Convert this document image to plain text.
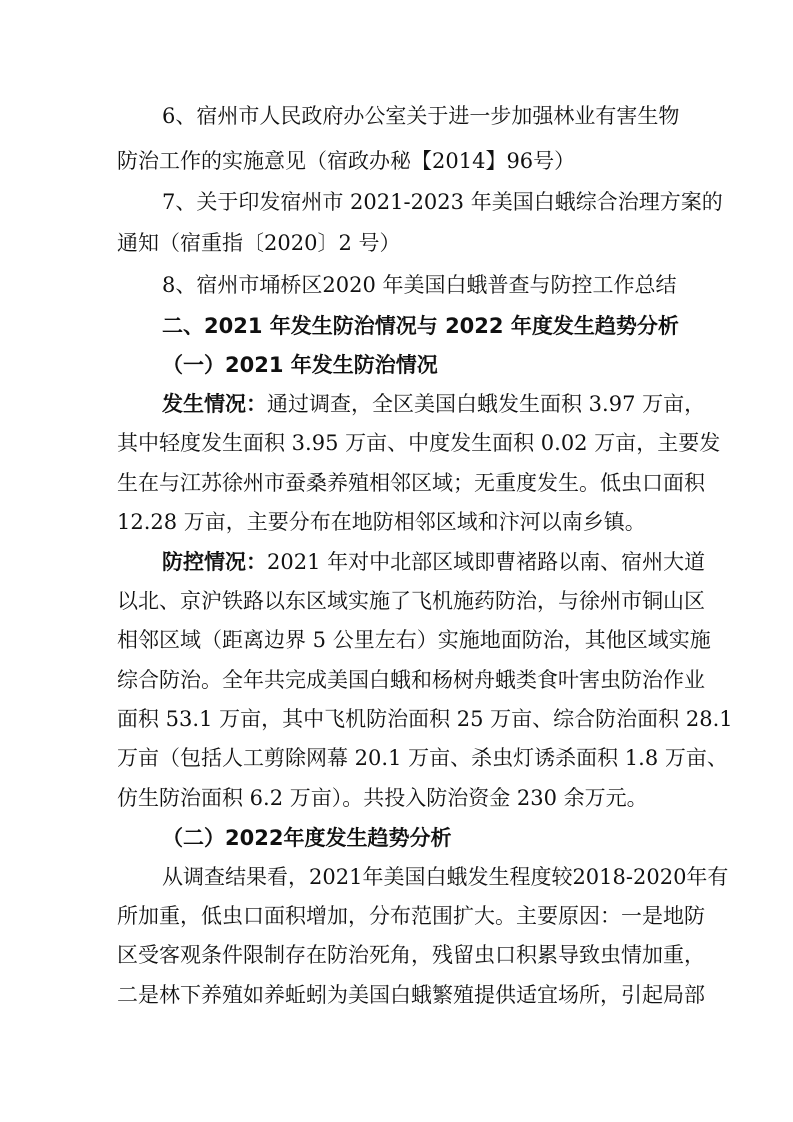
6、宿州市人民政府办公室关于进一步加强林业有害生物
防治工作的实施意见（宿政办秘【2014】96号）
7、关于印发宿州市 2021-2023 年美国白蛾综合治理方案的
通知（宿重指〔2020〕2 号）
8、宿州市埇桥区2020 年美国白蛾普查与防控工作总结
二、2021 年发生防治情况与 2022 年度发生趋势分析
（一）2021 年发生防治情况
发生情况：通过调查，全区美国白蛾发生面积 3.97 万亩，
其中轻度发生面积 3.95 万亩、中度发生面积 0.02 万亩，主要发
生在与江苏徐州市蚕桑养殖相邻区域；无重度发生。低虫口面积
12.28 万亩，主要分布在地防相邻区域和汴河以南乡镇。
防控情况：2021 年对中北部区域即曹褚路以南、宿州大道
以北、京沪铁路以东区域实施了飞机施药防治，与徐州市铜山区
相邻区域（距离边界 5 公里左右）实施地面防治，其他区域实施
综合防治。全年共完成美国白蛾和杨树舟蛾类食叶害虫防治作业
面积 53.1 万亩，其中飞机防治面积 25 万亩、综合防治面积 28.1
万亩（包括人工剪除网幕 20.1 万亩、杀虫灯诱杀面积 1.8 万亩、
仿生防治面积 6.2 万亩）。共投入防治资金 230 余万元。
（二）2022年度发生趋势分析
从调查结果看，2021年美国白蛾发生程度较2018-2020年有
所加重，低虫口面积增加，分布范围扩大。主要原因：一是地防
区受客观条件限制存在防治死角，残留虫口积累导致虫情加重，
二是林下养殖如养蚯蚓为美国白蛾繁殖提供适宜场所，引起局部
